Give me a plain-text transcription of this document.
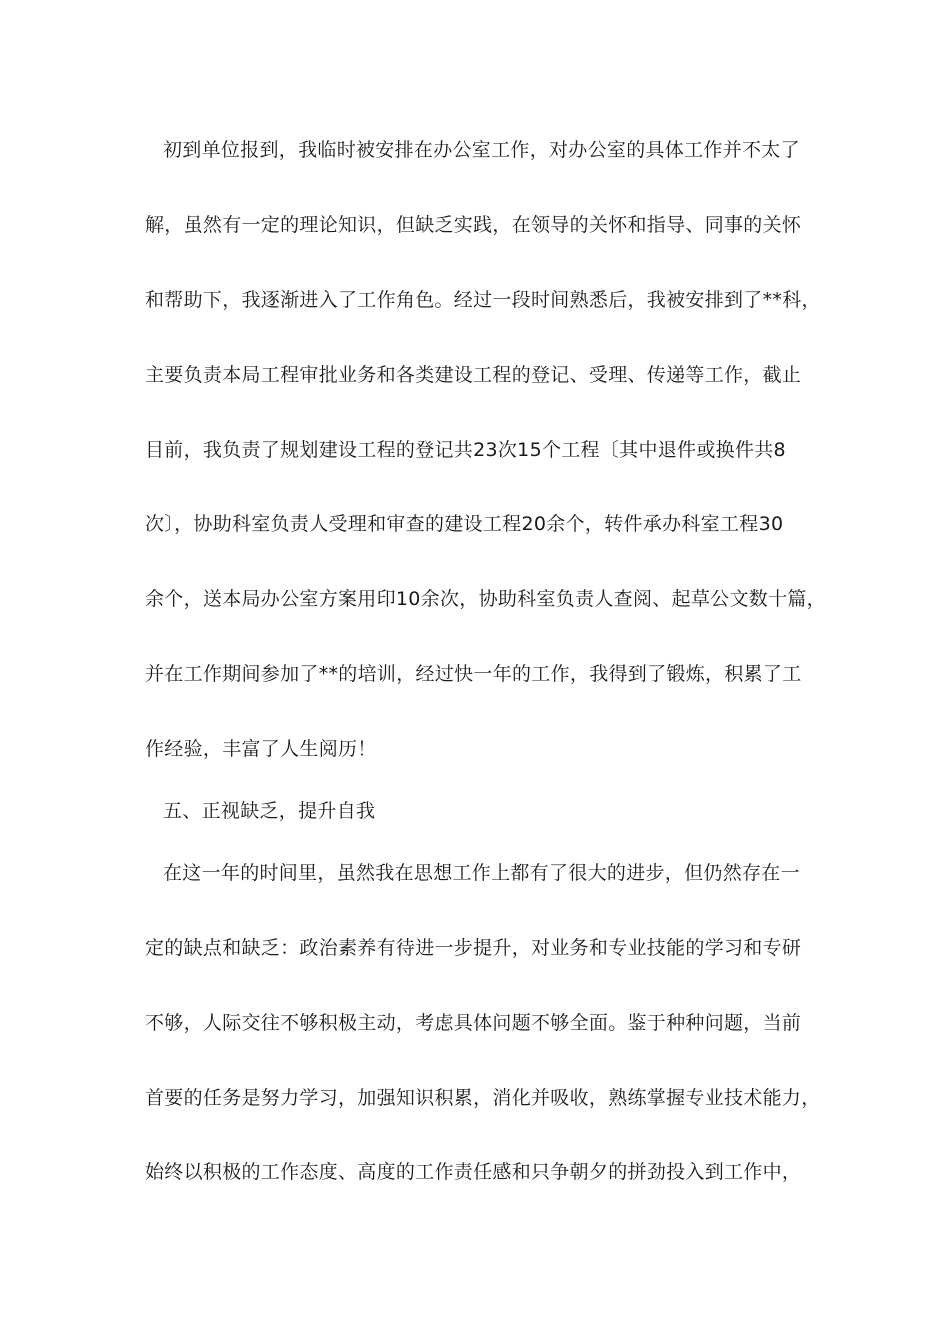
初到单位报到，我临时被安排在办公室工作，对办公室的具体工作并不太了
解，虽然有一定的理论知识，但缺乏实践，在领导的关怀和指导、同事的关怀
和帮助下，我逐渐进入了工作角色。经过一段时间熟悉后，我被安排到了**科，
主要负责本局工程审批业务和各类建设工程的登记、受理、传递等工作，截止
目前，我负责了规划建设工程的登记共23次15个工程〔其中退件或换件共8
次〕，协助科室负责人受理和审查的建设工程20余个，转件承办科室工程30
余个，送本局办公室方案用印10余次，协助科室负责人查阅、起草公文数十篇，
并在工作期间参加了**的培训，经过快一年的工作，我得到了锻炼，积累了工
作经验，丰富了人生阅历！
五、正视缺乏，提升自我
在这一年的时间里，虽然我在思想工作上都有了很大的进步，但仍然存在一
定的缺点和缺乏：政治素养有待进一步提升，对业务和专业技能的学习和专研
不够，人际交往不够积极主动，考虑具体问题不够全面。鉴于种种问题，当前
首要的任务是努力学习，加强知识积累，消化并吸收，熟练掌握专业技术能力，
始终以积极的工作态度、高度的工作责任感和只争朝夕的拼劲投入到工作中，
